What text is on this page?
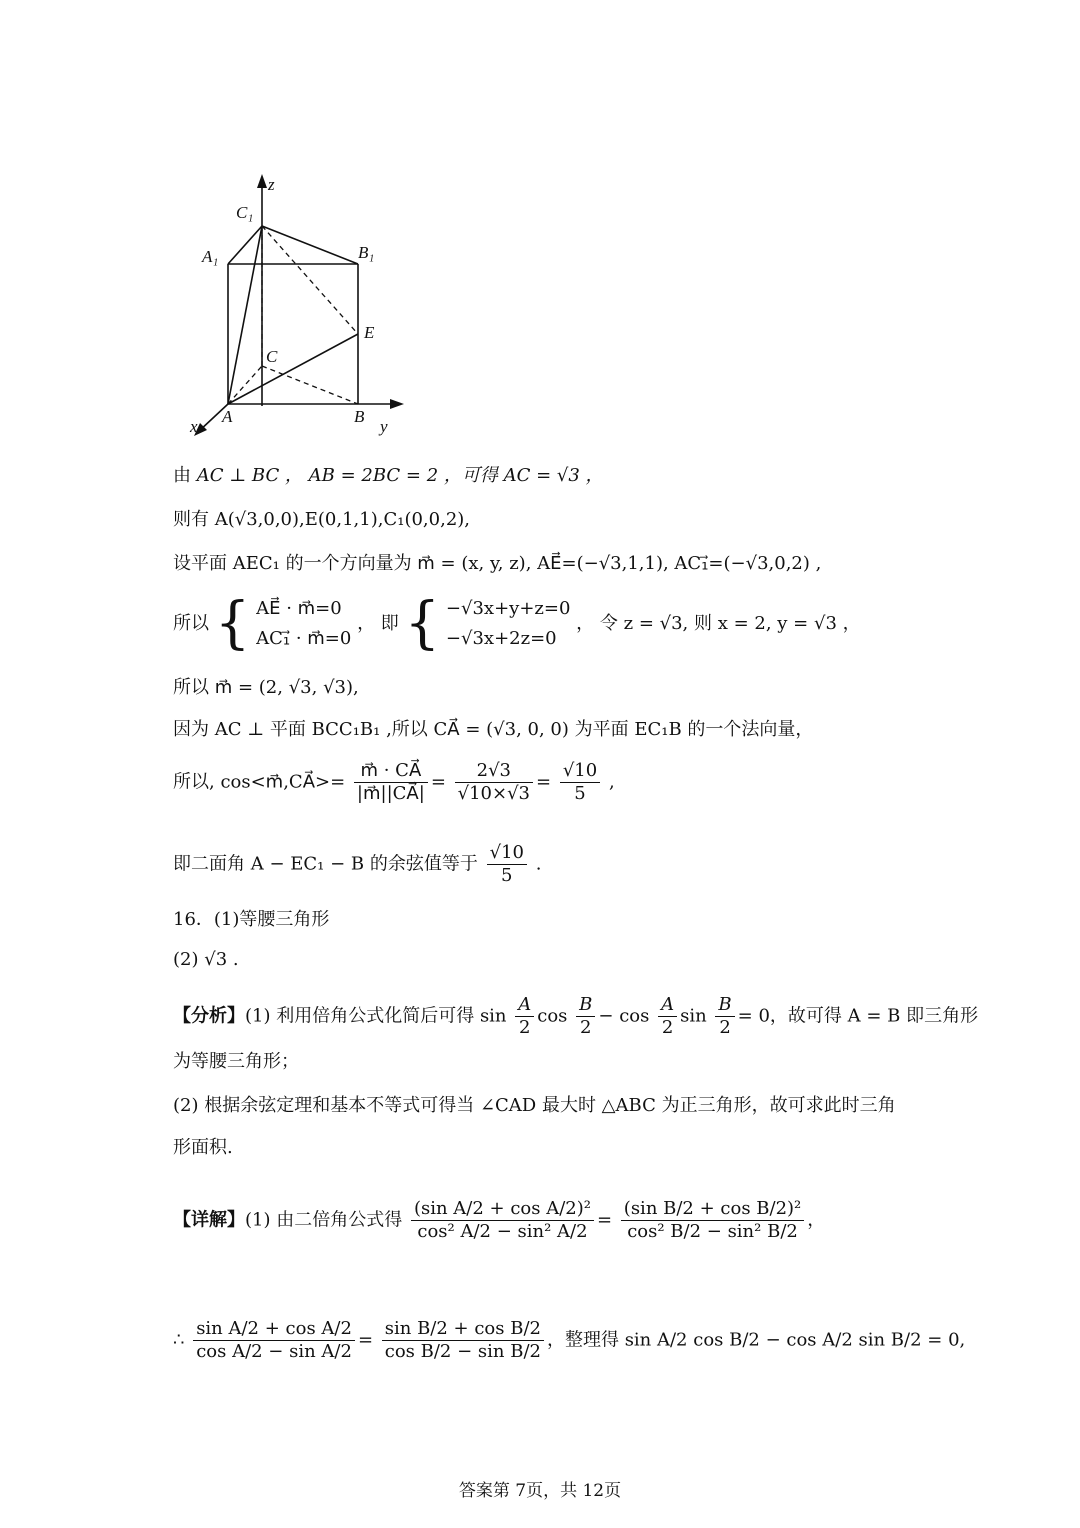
z
C₁
A₁	B₁
E
C
A	B
x	y
由 AC ⊥ BC ， AB = 2BC = 2 ，可得 AC = √3 ，
则有 A(√3,0,0),E(0,1,1),C₁(0,0,2),
设平面 AEC₁ 的一个方向量为 m⃗ = (x, y, z), AE⃗=(−√3,1,1), AC₁⃗=(−√3,0,2) ,
所以 { AE⃗ · m⃗=0
AC₁⃗ · m⃗=0
， 即 { −√3x+y+z=0
−√3x+2z=0
， 令 z = √3, 则 x = 2, y = √3 ，
所以 m⃗ = (2, √3, √3),
因为 AC ⊥ 平面 BCC₁B₁ ,所以 CA⃗ = (√3, 0, 0) 为平面 EC₁B 的一个法向量，
所以, cos<m⃗,CA⃗>= $\frac{m⃗ \cdot CA⃗}{|m⃗||CA⃗|} = \frac{2√3}{√10\times√3} = \frac{√10}{5}$ ,
即二面角 A − EC₁ − B 的余弦值等于 $\frac{√10}{5}$ .
16．(1)等腰三角形
(2) √3 .
【分析】(1) 利用倍角公式化简后可得 $\sin \frac{A}{2}$ $\cos \frac{B}{2} - \cos \frac{A}{2}$ $\sin \frac{B}{2} = 0$，故可得 A = B 即三角形
为等腰三角形；
(2) 根据余弦定理和基本不等式可得当 ∠CAD 最大时 △ABC 为正三角形，故可求此时三角
形面积.
【详解】(1) 由二倍角公式得 $\frac{\text{(sin A/2 + cos A/2)²}}{\text{cos² A/2 − sin² A/2}} = \frac{\text{(sin B/2 + cos B/2)²}}{\text{cos² B/2 − sin² B/2}}$ ，
∴ $\frac{\text{sin A/2 + cos A/2}}{\text{cos A/2 − sin A/2}} = \frac{\text{sin B/2 + cos B/2}}{\text{cos B/2 − sin B/2}}$ ，整理得 sin A/2 cos B/2 − cos A/2 sin B/2 = 0,
答案第 7页，共 12页
